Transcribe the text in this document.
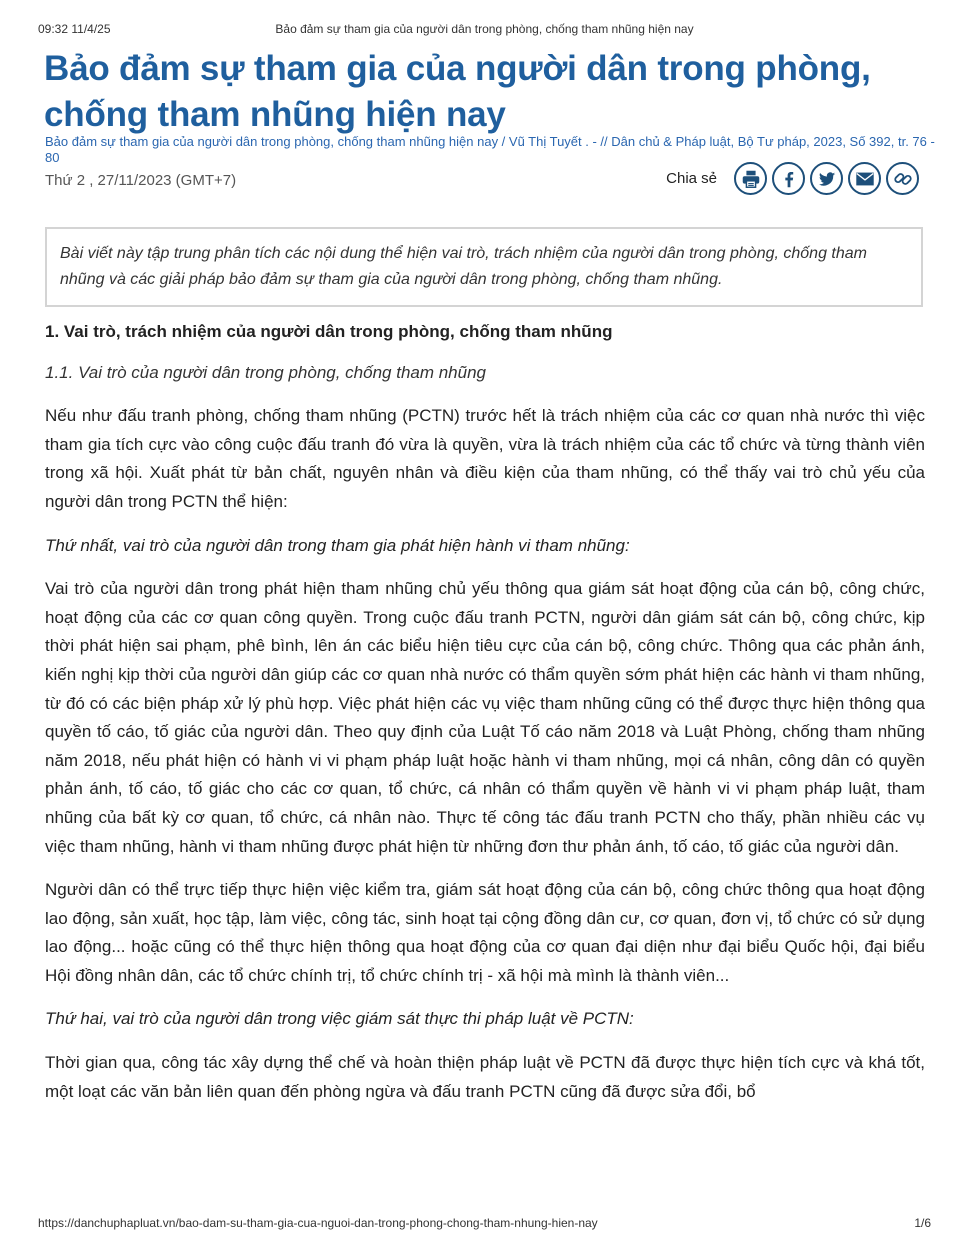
09:32 11/4/25	Bảo đảm sự tham gia của người dân trong phòng, chống tham nhũng hiện nay
Bảo đảm sự tham gia của người dân trong phòng, chống tham nhũng hiện nay
Bảo đảm sự tham gia của người dân trong phòng, chống tham nhũng hiện nay / Vũ Thị Tuyết . - // Dân chủ & Pháp luật, Bộ Tư pháp, 2023, Số 392, tr. 76 - 80
Thứ 2 , 27/11/2023 (GMT+7)	Chia sẻ
Bài viết này tập trung phân tích các nội dung thể hiện vai trò, trách nhiệm của người dân trong phòng, chống tham nhũng và các giải pháp bảo đảm sự tham gia của người dân trong phòng, chống tham nhũng.

1. Vai trò, trách nhiệm của người dân trong phòng, chống tham nhũng

1.1. Vai trò của người dân trong phòng, chống tham nhũng

Nếu như đấu tranh phòng, chống tham nhũng (PCTN) trước hết là trách nhiệm của các cơ quan nhà nước thì việc tham gia tích cực vào công cuộc đấu tranh đó vừa là quyền, vừa là trách nhiệm của các tổ chức và từng thành viên trong xã hội. Xuất phát từ bản chất, nguyên nhân và điều kiện của tham nhũng, có thể thấy vai trò chủ yếu của người dân trong PCTN thể hiện:

Thứ nhất, vai trò của người dân trong tham gia phát hiện hành vi tham nhũng:

Vai trò của người dân trong phát hiện tham nhũng chủ yếu thông qua giám sát hoạt động của cán bộ, công chức, hoạt động của các cơ quan công quyền. Trong cuộc đấu tranh PCTN, người dân giám sát cán bộ, công chức, kịp thời phát hiện sai phạm, phê bình, lên án các biểu hiện tiêu cực của cán bộ, công chức. Thông qua các phản ánh, kiến nghị kịp thời của người dân giúp các cơ quan nhà nước có thẩm quyền sớm phát hiện các hành vi tham nhũng, từ đó có các biện pháp xử lý phù hợp. Việc phát hiện các vụ việc tham nhũng cũng có thể được thực hiện thông qua quyền tố cáo, tố giác của người dân. Theo quy định của Luật Tố cáo năm 2018 và Luật Phòng, chống tham nhũng năm 2018, nếu phát hiện có hành vi vi phạm pháp luật hoặc hành vi tham nhũng, mọi cá nhân, công dân có quyền phản ánh, tố cáo, tố giác cho các cơ quan, tổ chức, cá nhân có thẩm quyền về hành vi vi phạm pháp luật, tham nhũng của bất kỳ cơ quan, tổ chức, cá nhân nào. Thực tế công tác đấu tranh PCTN cho thấy, phần nhiều các vụ việc tham nhũng, hành vi tham nhũng được phát hiện từ những đơn thư phản ánh, tố cáo, tố giác của người dân.

Người dân có thể trực tiếp thực hiện việc kiểm tra, giám sát hoạt động của cán bộ, công chức thông qua hoạt động lao động, sản xuất, học tập, làm việc, công tác, sinh hoạt tại cộng đồng dân cư, cơ quan, đơn vị, tổ chức có sử dụng lao động... hoặc cũng có thể thực hiện thông qua hoạt động của cơ quan đại diện như đại biểu Quốc hội, đại biểu Hội đồng nhân dân, các tổ chức chính trị, tổ chức chính trị - xã hội mà mình là thành viên...

Thứ hai, vai trò của người dân trong việc giám sát thực thi pháp luật về PCTN:

Thời gian qua, công tác xây dựng thể chế và hoàn thiện pháp luật về PCTN đã được thực hiện tích cực và khá tốt, một loạt các văn bản liên quan đến phòng ngừa và đấu tranh PCTN cũng đã được sửa đổi, bổ

https://danchuphapluat.vn/bao-dam-su-tham-gia-cua-nguoi-dan-trong-phong-chong-tham-nhung-hien-nay	1/6
